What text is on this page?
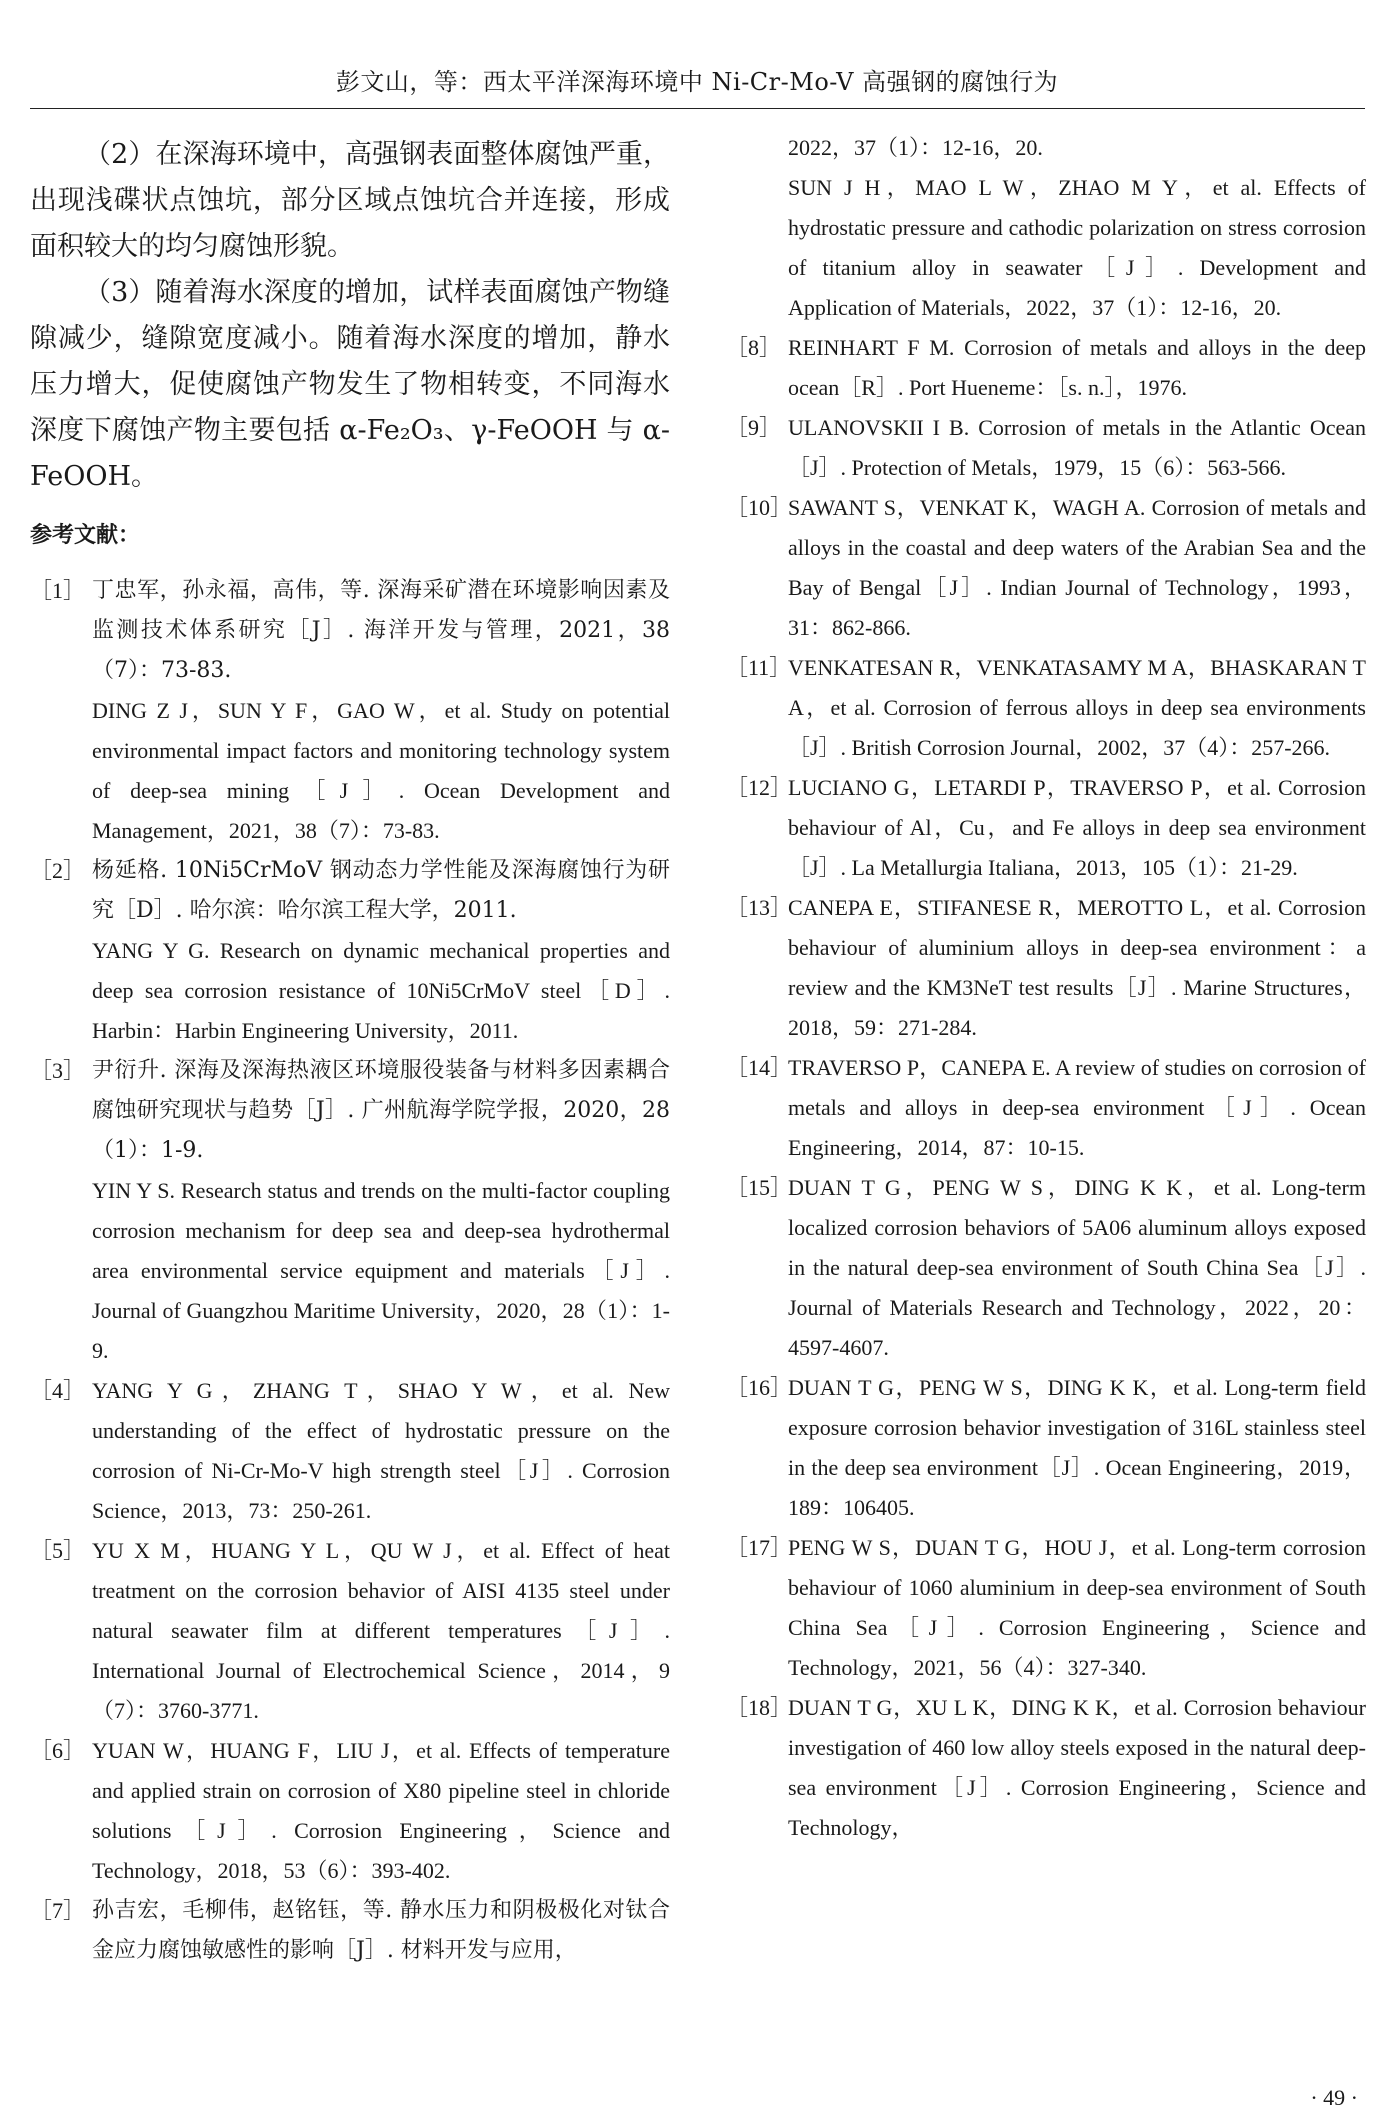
彭文山，等：西太平洋深海环境中 Ni-Cr-Mo-V 高强钢的腐蚀行为

（2）在深海环境中，高强钢表面整体腐蚀严重，出现浅碟状点蚀坑，部分区域点蚀坑合并连接，形成面积较大的均匀腐蚀形貌。

（3）随着海水深度的增加，试样表面腐蚀产物缝隙减少，缝隙宽度减小。随着海水深度的增加，静水压力增大，促使腐蚀产物发生了物相转变，不同海水深度下腐蚀产物主要包括 α-Fe₂O₃、γ-FeOOH 与 α-FeOOH。

参考文献：
［1］ 丁忠军，孙永福，高伟，等. 深海采矿潜在环境影响因素及监测技术体系研究［J］. 海洋开发与管理，2021，38（7）：73-83.

DING Z J，SUN Y F，GAO W，et al. Study on potential environmental impact factors and monitoring technology system of deep-sea mining［J］. Ocean Development and Management，2021，38（7）：73-83.

［2］ 杨延格. 10Ni5CrMoV 钢动态力学性能及深海腐蚀行为研究［D］. 哈尔滨：哈尔滨工程大学，2011.

YANG Y G. Research on dynamic mechanical properties and deep sea corrosion resistance of 10Ni5CrMoV steel［D］. Harbin：Harbin Engineering University，2011.

［3］ 尹衍升. 深海及深海热液区环境服役装备与材料多因素耦合腐蚀研究现状与趋势［J］. 广州航海学院学报，2020，28（1）：1-9.

YIN Y S. Research status and trends on the multi-factor coupling corrosion mechanism for deep sea and deep-sea hydrothermal area environmental service equipment and materials［J］. Journal of Guangzhou Maritime University，2020，28（1）：1-9.

［4］ YANG Y G，ZHANG T，SHAO Y W，et al. New understanding of the effect of hydrostatic pressure on the corrosion of Ni-Cr-Mo-V high strength steel［J］. Corrosion Science，2013，73：250-261.

［5］ YU X M，HUANG Y L，QU W J，et al. Effect of heat treatment on the corrosion behavior of AISI 4135 steel under natural seawater film at different temperatures［J］. International Journal of Electrochemical Science，2014，9（7）：3760-3771.

［6］ YUAN W，HUANG F，LIU J，et al. Effects of temperature and applied strain on corrosion of X80 pipeline steel in chloride solutions［J］. Corrosion Engineering，Science and Technology，2018，53（6）：393-402.

［7］ 孙吉宏，毛柳伟，赵铭钰，等. 静水压力和阴极极化对钛合金应力腐蚀敏感性的影响［J］. 材料开发与应用，

2022，37（1）：12-16，20.

SUN J H，MAO L W，ZHAO M Y，et al. Effects of hydrostatic pressure and cathodic polarization on stress corrosion of titanium alloy in seawater［J］. Development and Application of Materials，2022，37（1）：12-16，20.

［8］ REINHART F M. Corrosion of metals and alloys in the deep ocean［R］. Port Hueneme：［s. n.］，1976.
［9］ ULANOVSKII I B. Corrosion of metals in the Atlantic Ocean［J］. Protection of Metals，1979，15（6）：563-566.
［10］
SAWANT S，VENKAT K，WAGH A. Corrosion of metals and alloys in the coastal and deep waters of the Arabian Sea and the Bay of Bengal［J］. Indian Journal of Technology，1993，31：862-866.
［11］
VENKATESAN R，VENKATASAMY M A，BHASKARAN T A，et al. Corrosion of ferrous alloys in deep sea environments［J］. British Corrosion Journal，2002，37（4）：257-266.
［12］
LUCIANO G，LETARDI P，TRAVERSO P，et al. Corrosion behaviour of Al，Cu，and Fe alloys in deep sea environment［J］. La Metallurgia Italiana，2013，105（1）：21-29.
［13］
CANEPA E，STIFANESE R，MEROTTO L，et al. Corrosion behaviour of aluminium alloys in deep-sea environment：a review and the KM3NeT test results［J］. Marine Structures，2018，59：271-284.
［14］
TRAVERSO P，CANEPA E. A review of studies on corrosion of metals and alloys in deep-sea environment［J］. Ocean Engineering，2014，87：10-15.
［15］
DUAN T G，PENG W S，DING K K，et al. Long-term localized corrosion behaviors of 5A06 aluminum alloys exposed in the natural deep-sea environment of South China Sea［J］. Journal of Materials Research and Technology，2022，20：4597-4607.
［16］
DUAN T G，PENG W S，DING K K，et al. Long-term field exposure corrosion behavior investigation of 316L stainless steel in the deep sea environment［J］. Ocean Engineering，2019，189：106405.
［17］
PENG W S，DUAN T G，HOU J，et al. Long-term corrosion behaviour of 1060 aluminium in deep-sea environment of South China Sea［J］. Corrosion Engineering，Science and Technology，2021，56（4）：327-340.
［18］
DUAN T G，XU L K，DING K K，et al. Corrosion behaviour investigation of 460 low alloy steels exposed in the natural deep-sea environment［J］. Corrosion Engineering，Science and Technology，
· 49 ·
